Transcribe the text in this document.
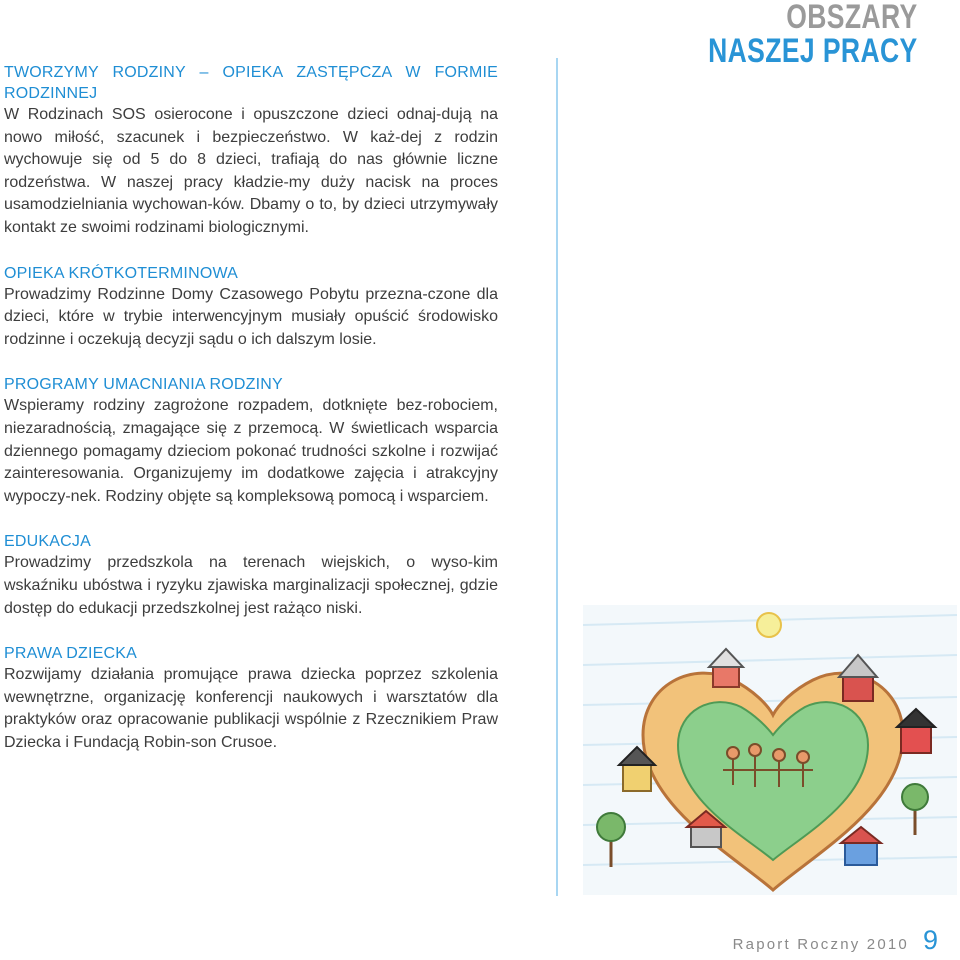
OBSZARY
NASZEJ PRACY

TWORZYMY RODZINY – OPIEKA ZASTĘPCZA W FORMIE RODZINNEJ

W Rodzinach SOS osierocone i opuszczone dzieci odnaj-dują na nowo miłość, szacunek i bezpieczeństwo. W każ-dej z rodzin wychowuje się od 5 do 8 dzieci, trafiają do nas głównie liczne rodzeństwa. W naszej pracy kładzie-my duży nacisk na proces usamodzielniania wychowan-ków. Dbamy o to, by dzieci utrzymywały kontakt ze swoimi rodzinami biologicznymi.

OPIEKA KRÓTKOTERMINOWA

Prowadzimy Rodzinne Domy Czasowego Pobytu przezna-czone dla dzieci, które w trybie interwencyjnym musiały opuścić środowisko rodzinne i oczekują decyzji sądu o ich dalszym losie.

PROGRAMY UMACNIANIA RODZINY

Wspieramy rodziny zagrożone rozpadem, dotknięte bez-robociem, niezaradnością, zmagające się z przemocą. W świetlicach wsparcia dziennego pomagamy dzieciom pokonać trudności szkolne i rozwijać zainteresowania. Organizujemy im dodatkowe zajęcia i atrakcyjny wypoczy-nek. Rodziny objęte są kompleksową pomocą i wsparciem.

EDUKACJA

Prowadzimy przedszkola na terenach wiejskich, o wyso-kim wskaźniku ubóstwa i ryzyku zjawiska marginalizacji społecznej, gdzie dostęp do edukacji przedszkolnej jest rażąco niski.

PRAWA DZIECKA

Rozwijamy działania promujące prawa dziecka poprzez szkolenia wewnętrzne, organizację konferencji naukowych i warsztatów dla praktyków oraz opracowanie publikacji wspólnie z Rzecznikiem Praw Dziecka i Fundacją Robin-son Crusoe.

Raport Roczny 2010 9
